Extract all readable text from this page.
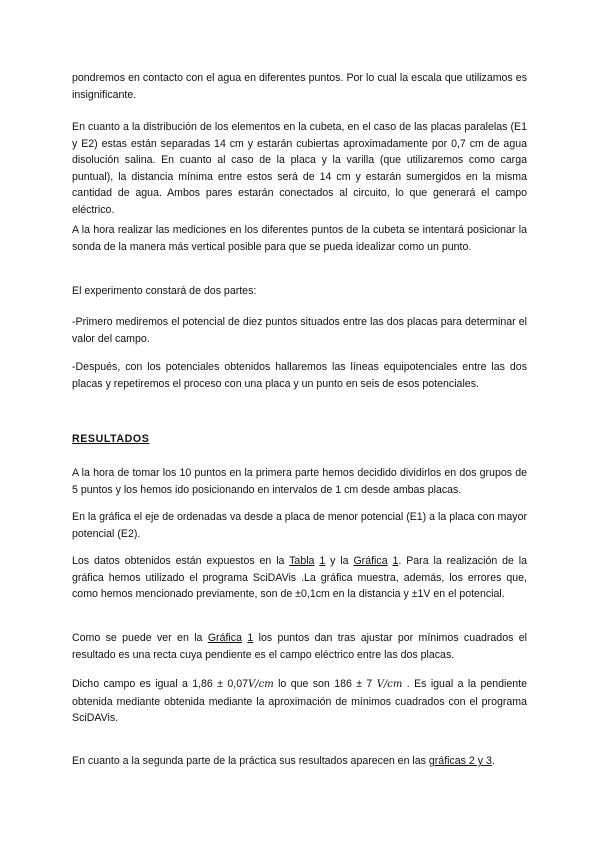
pondremos en contacto con el agua en diferentes puntos. Por lo cual la escala que utilizamos es insignificante.

En cuanto a la distribución de los elementos en la cubeta, en el caso de las placas paralelas (E1 y E2) estas están separadas 14 cm y estarán cubiertas aproximadamente por 0,7 cm de agua disolución salina. En cuanto al caso de la placa y la varilla (que utilizaremos como carga puntual), la distancia mínima entre estos será de 14 cm y estarán sumergidos en la misma cantidad de agua. Ambos pares estarán conectados al circuito, lo que generará el campo eléctrico.

A la hora realizar las mediciones en los diferentes puntos de la cubeta se intentará posicionar la sonda de la manera más vertical posible para que se pueda idealizar como un punto.

El experimento constará de dos partes:

-Primero mediremos el potencial de diez puntos situados entre las dos placas para determinar el valor del campo.

-Después, con los potenciales obtenidos hallaremos las líneas equipotenciales entre las dos placas y repetiremos el proceso con una placa y un punto en seis de esos potenciales.

RESULTADOS

A la hora de tomar los 10 puntos en la primera parte hemos decidido dividirlos en dos grupos de 5 puntos y los hemos ido posicionando en intervalos de 1 cm desde ambas placas.

En la gráfica el eje de ordenadas va desde a placa de menor potencial (E1) a la placa con mayor potencial (E2).

Los datos obtenidos están expuestos en la Tabla 1 y la Gráfica 1. Para la realización de la gráfica hemos utilizado el programa SciDAVis .La gráfica muestra, además, los errores que, como hemos mencionado previamente, son de ±0,1cm en la distancia y ±1V en el potencial.

Como se puede ver en la Gráfica 1 los puntos dan tras ajustar por mínimos cuadrados el resultado es una recta cuya pendiente es el campo eléctrico entre las dos placas.

Dicho campo es igual a 1,86 ± 0,07V/cm lo que son 186 ± 7 V/cm . Es igual a la pendiente obtenida mediante obtenida mediante la aproximación de mínimos cuadrados con el programa SciDAVis.

En cuanto a la segunda parte de la práctica sus resultados aparecen en las gráficas 2 y 3.
